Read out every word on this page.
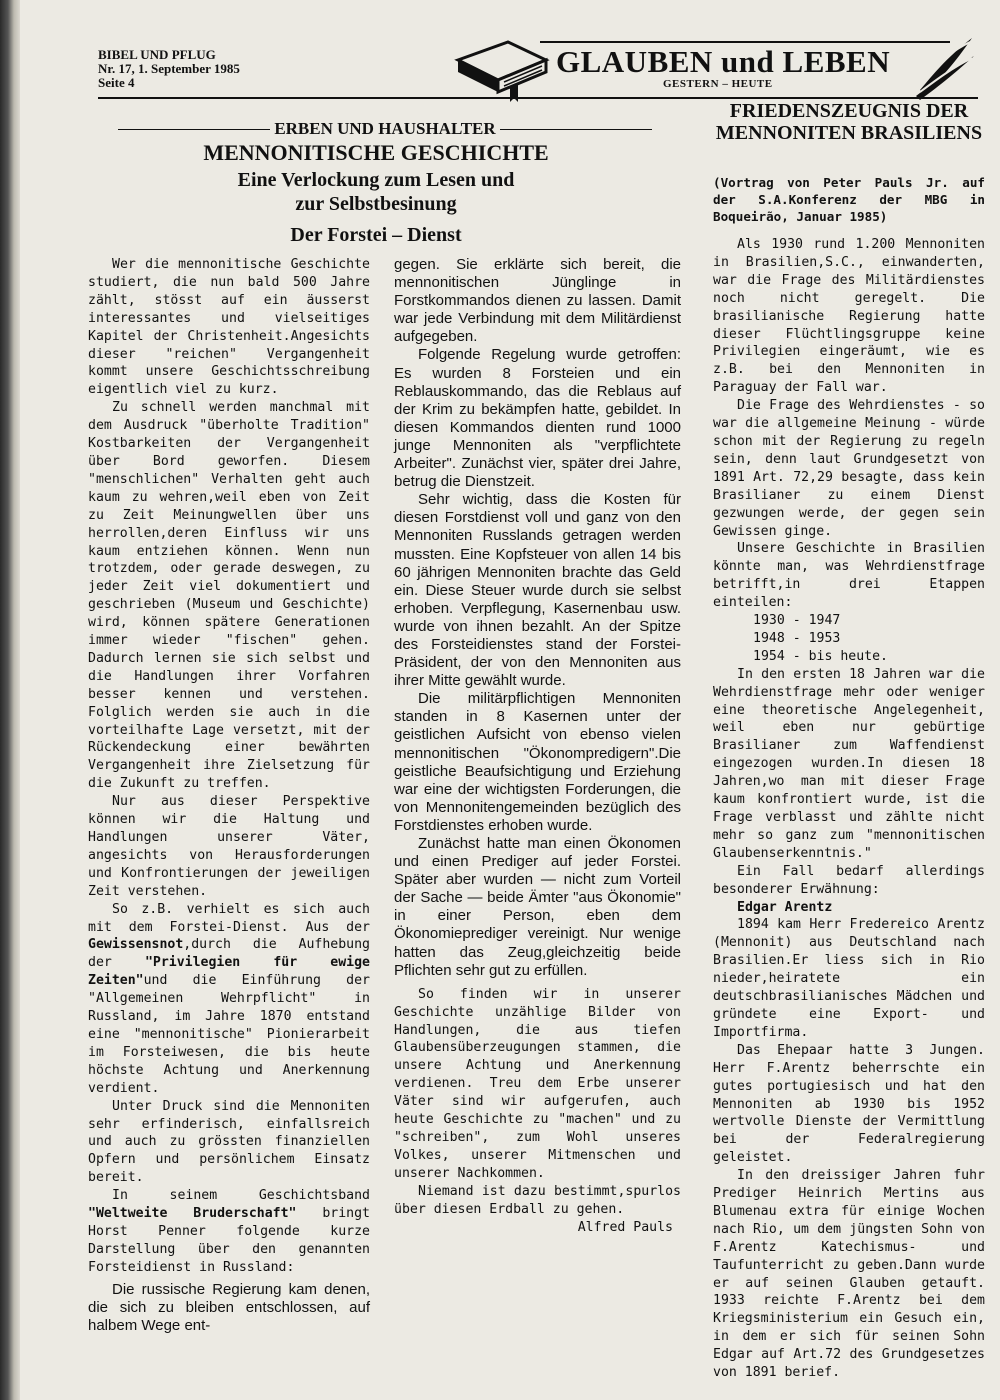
BIBEL UND PFLUG
Nr. 17, 1. September 1985
Seite 4
GLAUBEN und LEBEN
GESTERN – HEUTE
ERBEN UND HAUSHALTER
MENNONITISCHE GESCHICHTE
Eine Verlockung zum Lesen und
zur Selbstbesinung
Der Forstei – Dienst

Wer die mennonitische Geschichte studiert, die nun bald 500 Jahre zählt, stösst auf ein äusserst interessantes und vielseitiges Kapitel der Christenheit.Angesichts dieser "reichen" Vergangenheit kommt unsere Geschichtsschreibung eigentlich viel zu kurz.

Zu schnell werden manchmal mit dem Ausdruck "überholte Tradition" Kostbarkeiten der Vergangenheit über Bord geworfen. Diesem "menschlichen" Verhalten geht auch kaum zu wehren,weil eben von Zeit zu Zeit Meinungwellen über uns herrollen,deren Einfluss wir uns kaum entziehen können. Wenn nun trotzdem, oder gerade deswegen, zu jeder Zeit viel dokumentiert und geschrieben (Museum und Geschichte) wird, können spätere Generationen immer wieder "fischen" gehen. Dadurch lernen sie sich selbst und die Handlungen ihrer Vorfahren besser kennen und verstehen. Folglich werden sie auch in die vorteilhafte Lage versetzt, mit der Rückendeckung einer bewährten Vergangenheit ihre Zielsetzung für die Zukunft zu treffen.

Nur aus dieser Perspektive können wir die Haltung und Handlungen unserer Väter, angesichts von Herausforderungen und Konfrontierungen der jeweiligen Zeit verstehen.

So z.B. verhielt es sich auch mit dem Forstei-Dienst. Aus der Gewissensnot,durch die Aufhebung der "Privilegien für ewige Zeiten"und die Einführung der "Allgemeinen Wehrpflicht" in Russland, im Jahre 1870 entstand eine "mennonitische" Pionierarbeit im Forsteiwesen, die bis heute höchste Achtung und Anerkennung verdient.

Unter Druck sind die Mennoniten sehr erfinderisch, einfallsreich und auch zu grössten finanziellen Opfern und persönlichem Einsatz bereit.

In seinem Geschichtsband "Weltweite Bruderschaft" bringt Horst Penner folgende kurze Darstellung über den genannten Forsteidienst in Russland:

Die russische Regierung kam denen, die sich zu bleiben entschlossen, auf halbem Wege ent-

gegen. Sie erklärte sich bereit, die mennonitischen Jünglinge in Forstkommandos dienen zu lassen. Damit war jede Verbindung mit dem Militärdienst aufgegeben.

Folgende Regelung wurde getroffen: Es wurden 8 Forsteien und ein Reblauskommando, das die Reblaus auf der Krim zu bekämpfen hatte, gebildet. In diesen Kommandos dienten rund 1000 junge Mennoniten als "verpflichtete Arbeiter". Zunächst vier, später drei Jahre, betrug die Dienstzeit.

Sehr wichtig, dass die Kosten für diesen Forstdienst voll und ganz von den Mennoniten Russlands getragen werden mussten. Eine Kopfsteuer von allen 14 bis 60 jährigen Mennoniten brachte das Geld ein. Diese Steuer wurde durch sie selbst erhoben. Verpflegung, Kasernenbau usw. wurde von ihnen bezahlt. An der Spitze des Forsteidienstes stand der Forstei-Präsident, der von den Mennoniten aus ihrer Mitte gewählt wurde.

Die militärpflichtigen Mennoniten standen in 8 Kasernen unter der geistlichen Aufsicht von ebenso vielen mennonitischen "Ökonompredigern".Die geistliche Beaufsichtigung und Erziehung war eine der wichtigsten Forderungen, die von Mennonitengemeinden bezüglich des Forstdienstes erhoben wurde.

Zunächst hatte man einen Ökonomen und einen Prediger auf jeder Forstei. Später aber wurden — nicht zum Vorteil der Sache — beide Ämter "aus Ökonomie" in einer Person, eben dem Ökonomieprediger vereinigt. Nur wenige hatten das Zeug,gleichzeitig beide Pflichten sehr gut zu erfüllen.

So finden wir in unserer Geschichte unzählige Bilder von Handlungen, die aus tiefen Glaubensüberzeugungen stammen, die unsere Achtung und Anerkennung verdienen. Treu dem Erbe unserer Väter sind wir aufgerufen, auch heute Geschichte zu "machen" und zu "schreiben", zum Wohl unseres Volkes, unserer Mitmenschen und unserer Nachkommen.

Niemand ist dazu bestimmt,spurlos über diesen Erdball zu gehen.

Alfred Pauls

FRIEDENSZEUGNIS DER MENNONITEN BRASILIENS
(Vortrag von Peter Pauls Jr. auf der S.A.Konferenz der MBG in Boqueirão, Januar 1985)

Als 1930 rund 1.200 Mennoniten in Brasilien,S.C., einwanderten, war die Frage des Militärdienstes noch nicht geregelt. Die brasilianische Regierung hatte dieser Flüchtlingsgruppe keine Privilegien eingeräumt, wie es z.B. bei den Mennoniten in Paraguay der Fall war.

Die Frage des Wehrdienstes - so war die allgemeine Meinung - würde schon mit der Regierung zu regeln sein, denn laut Grundgesetzt von 1891 Art. 72,29 besagte, dass kein Brasilianer zu einem Dienst gezwungen werde, der gegen sein Gewissen ginge.

Unsere Geschichte in Brasilien könnte man, was Wehrdienstfrage betrifft,in drei Etappen einteilen:

1930 - 1947

1948 - 1953

1954 - bis heute.

In den ersten 18 Jahren war die Wehrdienstfrage mehr oder weniger eine theoretische Angelegenheit, weil eben nur gebürtige Brasilianer zum Waffendienst eingezogen wurden.In diesen 18 Jahren,wo man mit dieser Frage kaum konfrontiert wurde, ist die Frage verblasst und zählte nicht mehr so ganz zum "mennonitischen Glaubenserkenntnis."

Ein Fall bedarf allerdings besonderer Erwähnung:

Edgar Arentz

1894 kam Herr Fredereico Arentz (Mennonit) aus Deutschland nach Brasilien.Er liess sich in Rio nieder,heiratete ein deutschbrasilianisches Mädchen und gründete eine Export- und Importfirma.

Das Ehepaar hatte 3 Jungen. Herr F.Arentz beherrschte ein gutes portugiesisch und hat den Mennoniten ab 1930 bis 1952 wertvolle Dienste der Vermittlung bei der Federalregierung geleistet.

In den dreissiger Jahren fuhr Prediger Heinrich Mertins aus Blumenau extra für einige Wochen nach Rio, um dem jüngsten Sohn von F.Arentz Katechismus- und Taufunterricht zu geben.Dann wurde er auf seinen Glauben getauft. 1933 reichte F.Arentz bei dem Kriegsministerium ein Gesuch ein, in dem er sich für seinen Sohn Edgar auf Art.72 des Grundgesetzes von 1891 berief.
